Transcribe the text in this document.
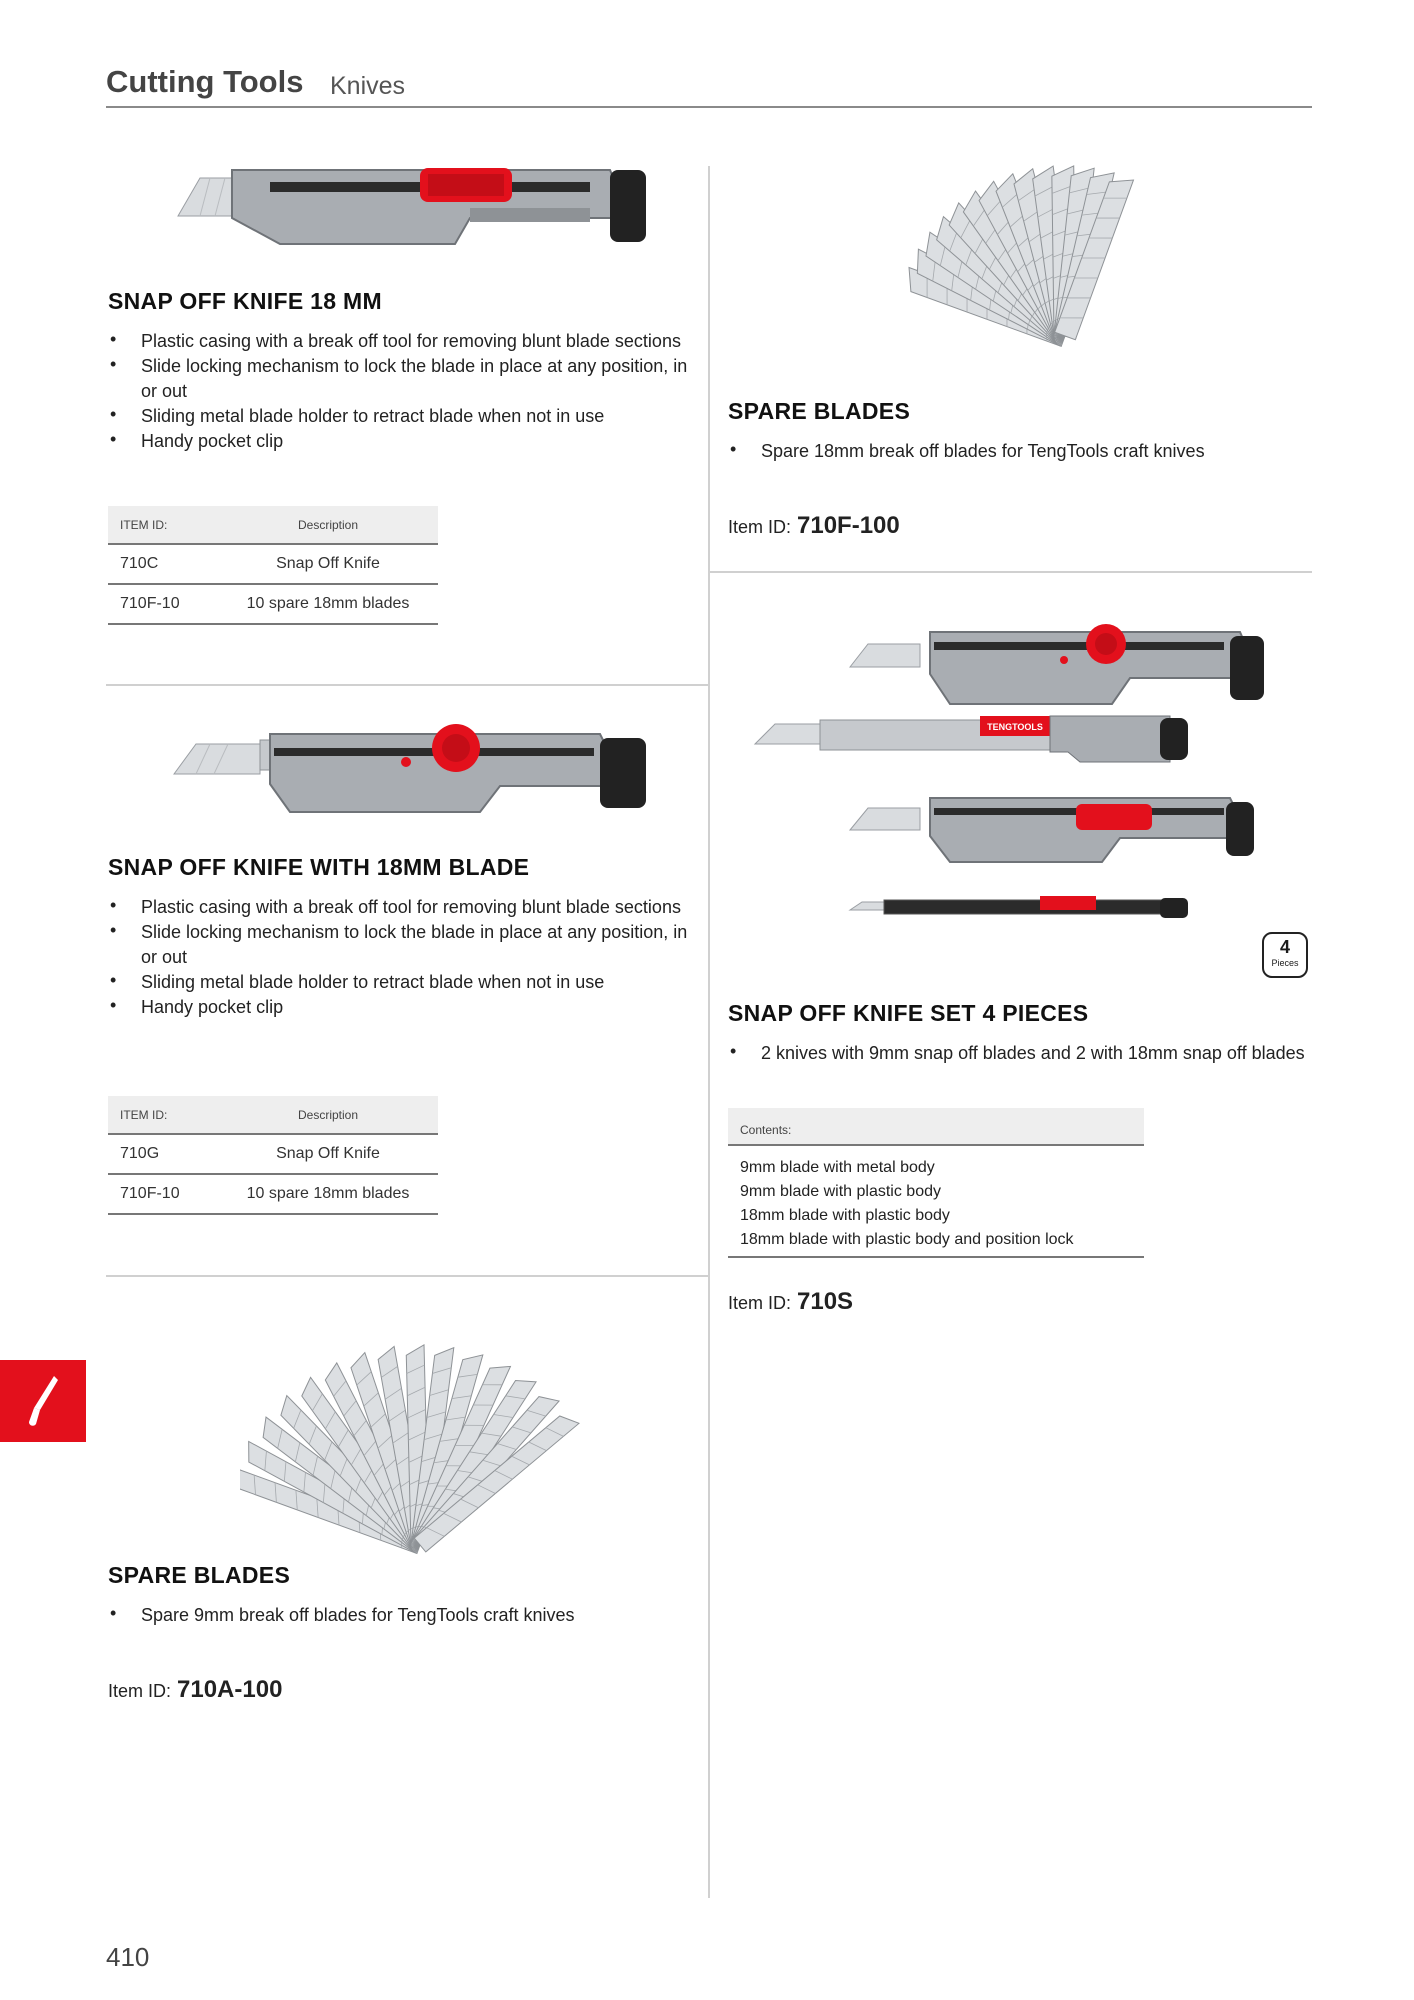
Cutting Tools Knives
SNAP OFF KNIFE 18 MM
• Plastic casing with a break off tool for removing blunt blade sections
• Slide locking mechanism to lock the blade in place at any position, in or out
• Sliding metal blade holder to retract blade when not in use
• Handy pocket clip
ITEM ID:	Description
710C	Snap Off Knife
710F-10	10 spare 18mm blades
SNAP OFF KNIFE WITH 18MM BLADE
• Plastic casing with a break off tool for removing blunt blade sections
• Slide locking mechanism to lock the blade in place at any position, in or out
• Sliding metal blade holder to retract blade when not in use
• Handy pocket clip
ITEM ID:	Description
710G	Snap Off Knife
710F-10	10 spare 18mm blades
SPARE BLADES
• Spare 9mm break off blades for TengTools craft knives
Item ID: 710A-100
SPARE BLADES
• Spare 18mm break off blades for TengTools craft knives
Item ID: 710F-100
TENGTOOLS
4
Pieces
SNAP OFF KNIFE SET 4 PIECES
• 2 knives with 9mm snap off blades and 2 with 18mm snap off blades
Contents:
9mm blade with metal body
9mm blade with plastic body
18mm blade with plastic body
18mm blade with plastic body and position lock
Item ID: 710S
410
